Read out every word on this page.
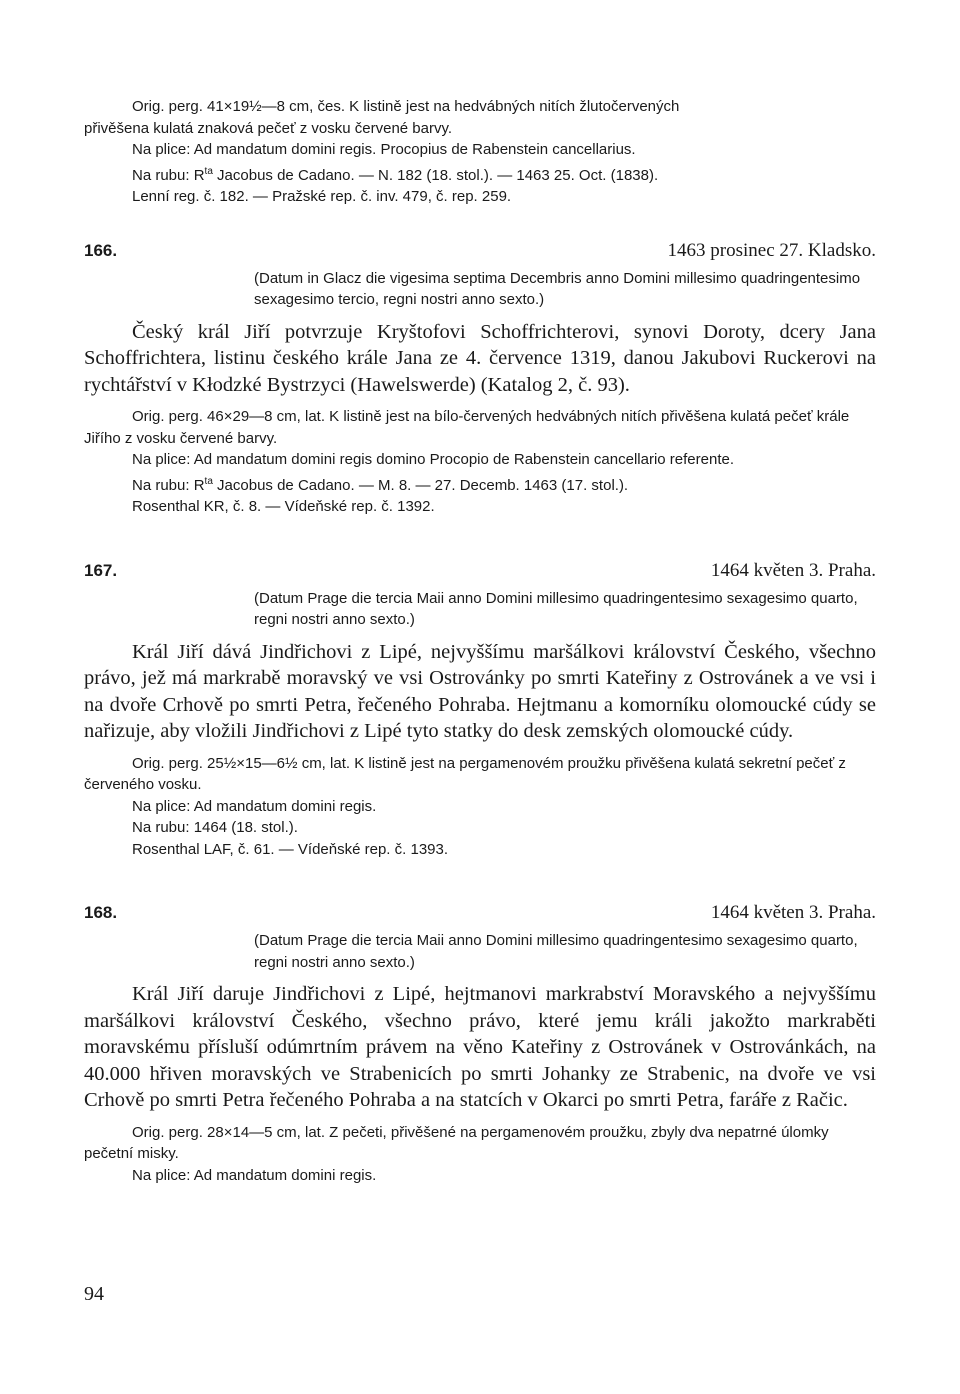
Orig. perg. 41×19½—8 cm, čes. K listině jest na hedvábných nitích žlutočervených

přivěšena kulatá znaková pečeť z vosku červené barvy.

Na plice: Ad mandatum domini regis. Procopius de Rabenstein cancellarius.

Na rubu: $R^{ta}$ Jacobus de Cadano. — N. 182 (18. stol.). — 1463 25. Oct. (1838).

Lenní reg. č. 182. — Pražské rep. č. inv. 479, č. rep. 259.

166.	1463 prosinec 27. Kladsko.

(Datum in Glacz die vigesima septima Decembris anno Domini millesimo quadringentesimo sexagesimo tercio, regni nostri anno sexto.)

Český král Jiří potvrzuje Kryštofovi Schoffrichterovi, synovi Doroty, dcery Jana Schoffrichtera, listinu českého krále Jana ze 4. července 1319, danou Jakubovi Ruckerovi na rychtářství v Kłodzké Bystrzyci (Hawelswerde) (Katalog 2, č. 93).

Orig. perg. 46×29—8 cm, lat. K listině jest na bílo-červených hedvábných nitích přivěšena kulatá pečeť krále Jiřího z vosku červené barvy.

Na plice: Ad mandatum domini regis domino Procopio de Rabenstein cancellario referente.

Na rubu: $R^{ta}$ Jacobus de Cadano. — M. 8. — 27. Decemb. 1463 (17. stol.).

Rosenthal KR, č. 8. — Vídeňské rep. č. 1392.

167.	1464 květen 3. Praha.

(Datum Prage die tercia Maii anno Domini millesimo quadringentesimo sexagesimo quarto, regni nostri anno sexto.)

Král Jiří dává Jindřichovi z Lipé, nejvyššímu maršálkovi království Českého, všechno právo, jež má markrabě moravský ve vsi Ostrovánky po smrti Kateřiny z Ostrovánek a ve vsi i na dvoře Crhově po smrti Petra, řečeného Pohraba. Hejtmanu a komorníku olomoucké cúdy se nařizuje, aby vložili Jindřichovi z Lipé tyto statky do desk zemských olomoucké cúdy.

Orig. perg. 25½×15—6½ cm, lat. K listině jest na pergamenovém proužku přivěšena kulatá sekretní pečeť z červeného vosku.

Na plice: Ad mandatum domini regis.

Na rubu: 1464 (18. stol.).

Rosenthal LAF, č. 61. — Vídeňské rep. č. 1393.

168.	1464 květen 3. Praha.

(Datum Prage die tercia Maii anno Domini millesimo quadringentesimo sexagesimo quarto, regni nostri anno sexto.)

Král Jiří daruje Jindřichovi z Lipé, hejtmanovi markrabství Moravského a nejvyššímu maršálkovi království Českého, všechno právo, které jemu králi jakožto markraběti moravskému přísluší odúmrtním právem na věno Kateřiny z Ostrovánek v Ostrovánkách, na 40.000 hřiven moravských ve Strabenicích po smrti Johanky ze Strabenic, na dvoře ve vsi Crhově po smrti Petra řečeného Pohraba a na statcích v Okarci po smrti Petra, faráře z Račic.

Orig. perg. 28×14—5 cm, lat. Z pečeti, přivěšené na pergamenovém proužku, zbyly dva nepatrné úlomky pečetní misky.

Na plice: Ad mandatum domini regis.

94
